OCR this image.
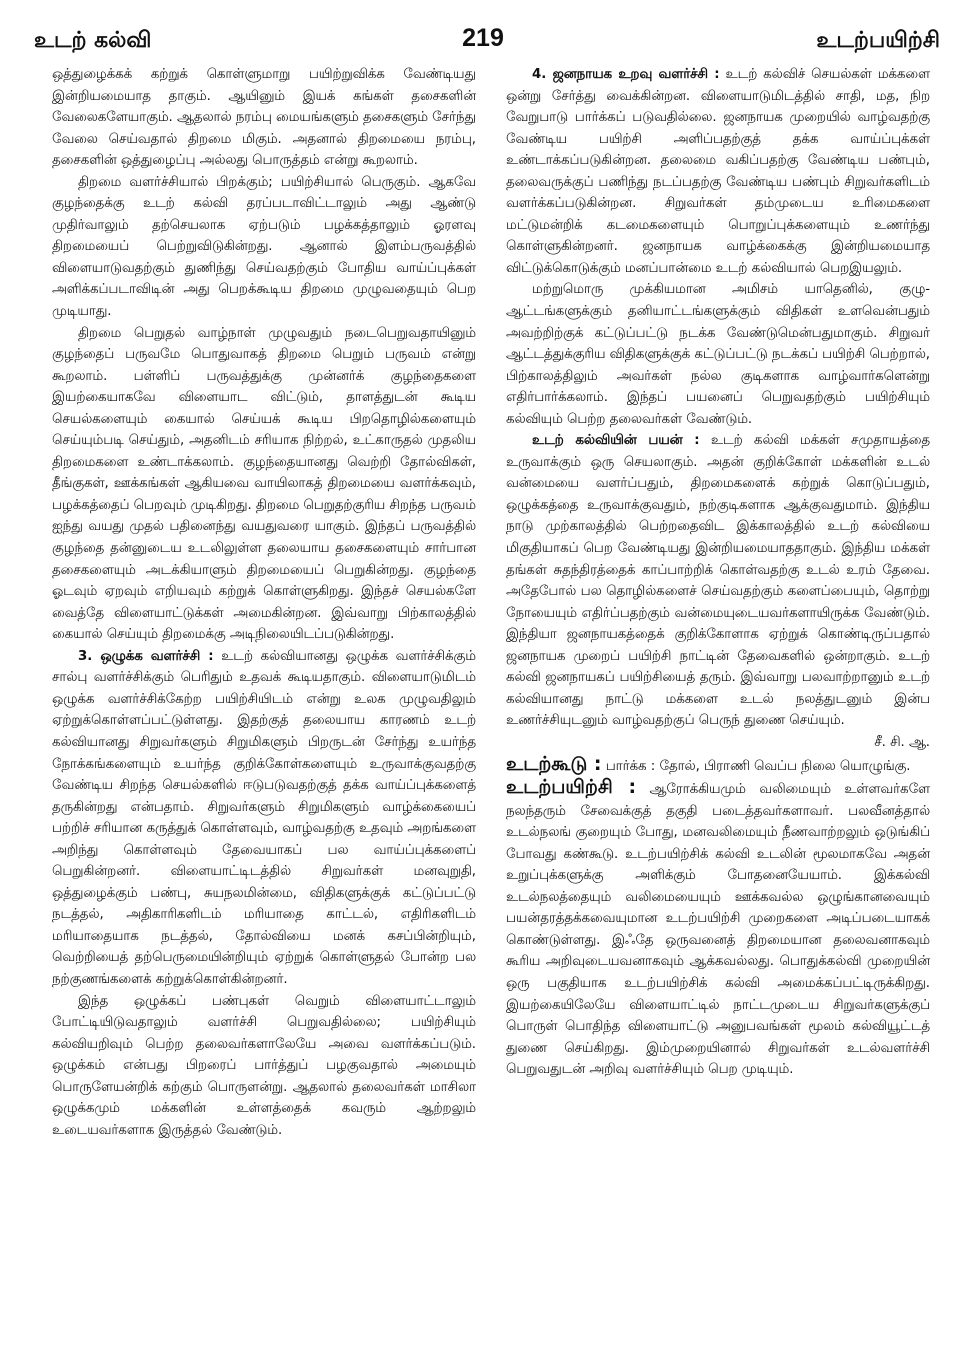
உடற் கல்வி	219	உடற்பயிற்சி

ஒத்துழைக்கக் கற்றுக் கொள்ளுமாறு பயிற்றுவிக்க வேண்டியது இன்றியமையாத தாகும். ஆயினும் இயக் கங்கள் தசைகளின் வேலைகளேயாகும். ஆதலால் நரம்பு மையங்களும் தசைகளும் சேர்ந்து வேலை செய்வதால் திறமை மிகும். அதனால் திறமையை நரம்பு, தசைகளின் ஒத்துழைப்பு அல்லது பொருத்தம் என்று கூறலாம்.

திறமை வளர்ச்சியால் பிறக்கும்; பயிற்சியால் பெருகும். ஆகவே குழந்தைக்கு உடற் கல்வி தரப்படாவிட்டாலும் அது ஆண்டு முதிர்வாலும் தற்செயலாக ஏற்படும் பழக்கத்தாலும் ஓரளவு திறமையைப் பெற்றுவிடுகின்றது. ஆனால் இளம்பருவத்தில் விளையாடுவதற்கும் துணிந்து செய்வதற்கும் போதிய வாய்ப்புக்கள் அளிக்கப்படாவிடின் அது பெறக்கூடிய திறமை முழுவதையும் பெற முடியாது.

திறமை பெறுதல் வாழ்நாள் முழுவதும் நடைபெறுவதாயினும் குழந்தைப் பருவமே பொதுவாகத் திறமை பெறும் பருவம் என்று கூறலாம். பள்ளிப் பருவத்துக்கு முன்னர்க் குழந்தைகளை இயற்கையாகவே விளையாட விட்டும், தாளத்துடன் கூடிய செயல்களையும் கையால் செய்யக் கூடிய பிறதொழில்களையும் செய்யும்படி செய்தும், அதனிடம் சரியாக நிற்றல், உட்காருதல் முதலிய திறமைகளை உண்டாக்கலாம். குழந்தையானது வெற்றி தோல்விகள், தீங்குகள், ஊக்கங்கள் ஆகியவை வாயிலாகத் திறமையை வளர்க்கவும், பழக்கத்தைப் பெறவும் முடிகிறது. திறமை பெறுதற்குரிய சிறந்த பருவம் ஐந்து வயது முதல் பதினைந்து வயதுவரை யாகும். இந்தப் பருவத்தில் குழந்தை தன்னுடைய உடலிலுள்ள தலையாய தசைகளையும் சார்பான தசைகளையும் அடக்கியாளும் திறமையைப் பெறுகின்றது. குழந்தை ஓடவும் ஏறவும் எறியவும் கற்றுக் கொள்ளுகிறது. இந்தச் செயல்களே வைத்தே விளையாட்டுக்கள் அமைகின்றன. இவ்வாறு பிற்காலத்தில் கையால் செய்யும் திறமைக்கு அடிநிலையிடப்படுகின்றது.

3. ஒழுக்க வளர்ச்சி : உடற் கல்வியானது ஒழுக்க வளர்ச்சிக்கும் சால்பு வளர்ச்சிக்கும் பெரிதும் உதவக் கூடியதாகும். விளையாடுமிடம் ஒழுக்க வளர்ச்சிக்கேற்ற பயிற்சியிடம் என்று உலக முழுவதிலும் ஏற்றுக்கொள்ளப்பட்டுள்ளது. இதற்குத் தலையாய காரணம் உடற் கல்வியானது சிறுவர்களும் சிறுமிகளும் பிறருடன் சேர்ந்து உயர்ந்த நோக்கங்களையும் உயர்ந்த குறிக்கோள்களையும் உருவாக்குவதற்கு வேண்டிய சிறந்த செயல்களில் ஈடுபடுவதற்குத் தக்க வாய்ப்புக்களைத் தருகின்றது என்பதாம். சிறுவர்களும் சிறுமிகளும் வாழ்க்கையைப் பற்றிச் சரியான கருத்துக் கொள்ளவும், வாழ்வதற்கு உதவும் அறங்களை அறிந்து கொள்ளவும் தேவையாகப் பல வாய்ப்புக்களைப் பெறுகின்றனர். விளையாட்டிடத்தில் சிறுவர்கள் மனவுறுதி, ஒத்துழைக்கும் பண்பு, சுயநலமின்மை, விதிகளுக்குக் கட்டுப்பட்டு நடத்தல், அதிகாரிகளிடம் மரியாதை காட்டல், எதிரிகளிடம் மரியாதையாக நடத்தல், தோல்வியை மனக் கசப்பின்றியும், வெற்றியைத் தற்பெருமையின்றியும் ஏற்றுக் கொள்ளுதல் போன்ற பல நற்குணங்களைக் கற்றுக்கொள்கின்றனர்.

இந்த ஒழுக்கப் பண்புகள் வெறும் விளையாட்டாலும் போட்டியிடுவதாலும் வளர்ச்சி பெறுவதில்லை; பயிற்சியும் கல்வியறிவும் பெற்ற தலைவர்களாலேயே அவை வளர்க்கப்படும். ஒழுக்கம் என்பது பிறரைப் பார்த்துப் பழகுவதால் அமையும் பொருளேயன்றிக் கற்கும் பொருளன்று. ஆதலால் தலைவர்கள் மாசிலா ஒழுக்கமும் மக்களின் உள்ளத்தைக் கவரும் ஆற்றலும் உடையவர்களாக இருத்தல் வேண்டும்.

4. ஜனநாயக உறவு வளர்ச்சி : உடற் கல்விச் செயல்கள் மக்களை ஒன்று சேர்த்து வைக்கின்றன. விளையாடுமிடத்தில் சாதி, மத, நிற வேறுபாடு பார்க்கப் படுவதில்லை. ஜனநாயக முறையில் வாழ்வதற்கு வேண்டிய பயிற்சி அளிப்பதற்குத் தக்க வாய்ப்புக்கள் உண்டாக்கப்படுகின்றன. தலைமை வகிப்பதற்கு வேண்டிய பண்பும், தலைவருக்குப் பணிந்து நடப்பதற்கு வேண்டிய பண்பும் சிறுவர்களிடம் வளர்க்கப்படுகின்றன. சிறுவர்கள் தம்முடைய உரிமைகளை மட்டுமன்றிக் கடமைகளையும் பொறுப்புக்களையும் உணர்ந்து கொள்ளுகின்றனர். ஜனநாயக வாழ்க்கைக்கு இன்றியமையாத விட்டுக்கொடுக்கும் மனப்பான்மை உடற் கல்வியால் பெறஇயலும்.

மற்றுமொரு முக்கியமான அமிசம் யாதெனில், குழு-ஆட்டங்களுக்கும் தனியாட்டங்களுக்கும் விதிகள் உளவென்பதும் அவற்றிற்குக் கட்டுப்பட்டு நடக்க வேண்டுமென்பதுமாகும். சிறுவர் ஆட்டத்துக்குரிய விதிகளுக்குக் கட்டுப்பட்டு நடக்கப் பயிற்சி பெற்றால், பிற்காலத்திலும் அவர்கள் நல்ல குடிகளாக வாழ்வார்களென்று எதிர்பார்க்கலாம். இந்தப் பயனைப் பெறுவதற்கும் பயிற்சியும் கல்வியும் பெற்ற தலைவர்கள் வேண்டும்.

உடற் கல்வியின் பயன் : உடற் கல்வி மக்கள் சமுதாயத்தை உருவாக்கும் ஒரு செயலாகும். அதன் குறிக்கோள் மக்களின் உடல் வன்மையை வளர்ப்பதும், திறமைகளைக் கற்றுக் கொடுப்பதும், ஒழுக்கத்தை உருவாக்குவதும், நற்குடிகளாக ஆக்குவதுமாம். இந்திய நாடு முற்காலத்தில் பெற்றதைவிட இக்காலத்தில் உடற் கல்வியை மிகுதியாகப் பெற வேண்டியது இன்றியமையாததாகும். இந்திய மக்கள் தங்கள் சுதந்திரத்தைக் காப்பாற்றிக் கொள்வதற்கு உடல் உரம் தேவை. அதேபோல் பல தொழில்களைச் செய்வதற்கும் களைப்பையும், தொற்று நோயையும் எதிர்ப்பதற்கும் வன்மையுடையவர்களாயிருக்க வேண்டும். இந்தியா ஜனநாயகத்தைக் குறிக்கோளாக ஏற்றுக் கொண்டிருப்பதால் ஜனநாயக முறைப் பயிற்சி நாட்டின் தேவைகளில் ஒன்றாகும். உடற் கல்வி ஜனநாயகப் பயிற்சியைத் தரும். இவ்வாறு பலவாற்றானும் உடற் கல்வியானது நாட்டு மக்களை உடல் நலத்துடனும் இன்ப உணர்ச்சியுடனும் வாழ்வதற்குப் பெருந் துணை செய்யும்.
சீ. சி. ஆ.

உடற்கூடு : பார்க்க : தோல், பிராணி வெப்ப நிலை யொழுங்கு.

உடற்பயிற்சி : ஆரோக்கியமும் வலிமையும் உள்ளவர்களே நலந்தரும் சேவைக்குத் தகுதி படைத்தவர்களாவர். பலவீனத்தால் உடல்நலங் குறையும் போது, மனவலிமையும் நீணவாற்றலும் ஒடுங்கிப் போவது கண்கூடு. உடற்பயிற்சிக் கல்வி உடலின் மூலமாகவே அதன் உறுப்புக்களுக்கு அளிக்கும் போதனையேயாம். இக்கல்வி உடல்நலத்தையும் வலிமையையும் ஊக்கவல்ல ஒழுங்கானவையும் பயன்தரத்தக்கவையுமான உடற்பயிற்சி முறைகளை அடிப்படையாகக் கொண்டுள்ளது. இஃதே ஒருவனைத் திறமையான தலைவனாகவும் கூரிய அறிவுடையவனாகவும் ஆக்கவல்லது. பொதுக்கல்வி முறையின் ஒரு பகுதியாக உடற்பயிற்சிக் கல்வி அமைக்கப்பட்டிருக்கிறது. இயற்கையிலேயே விளையாட்டில் நாட்டமுடைய சிறுவர்களுக்குப் பொருள் பொதிந்த விளையாட்டு அனுபவங்கள் மூலம் கல்வியூட்டத் துணை செய்கிறது. இம்முறையினால் சிறுவர்கள் உடல்வளர்ச்சி பெறுவதுடன் அறிவு வளர்ச்சியும் பெற முடியும்.
